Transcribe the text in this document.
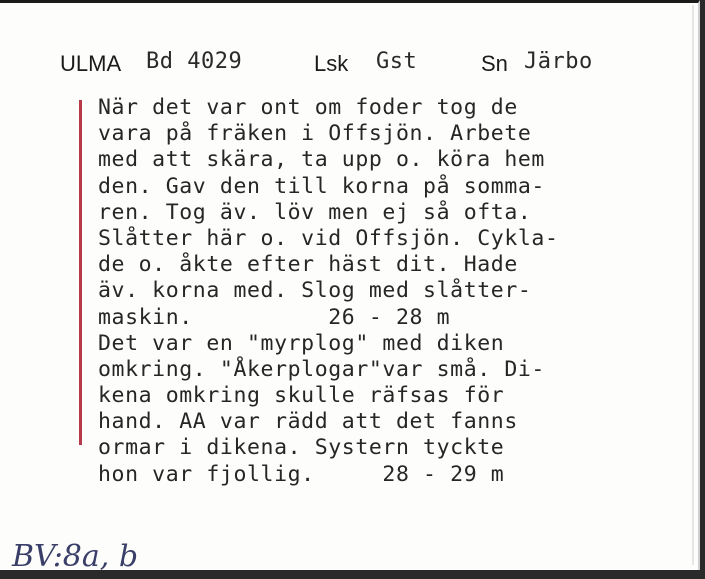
ULMA Bd 4029	Lsk Gst	Sn Järbo
När det var ont om foder tog de
vara på fräken i Offsjön. Arbete
med att skära, ta upp o. köra hem
den. Gav den till korna på somma-
ren. Tog äv. löv men ej så ofta.
Slåtter här o. vid Offsjön. Cykla-
de o. åkte efter häst dit. Hade
äv. korna med. Slog med slåtter-
maskin.          26 - 28 m
Det var en "myrplog" med diken
omkring. "Åkerplogar"var små. Di-
kena omkring skulle räfsas för
hand. AA var rädd att det fanns
ormar i dikena. Systern tyckte
hon var fjollig.     28 - 29 m
BV:8a, b
